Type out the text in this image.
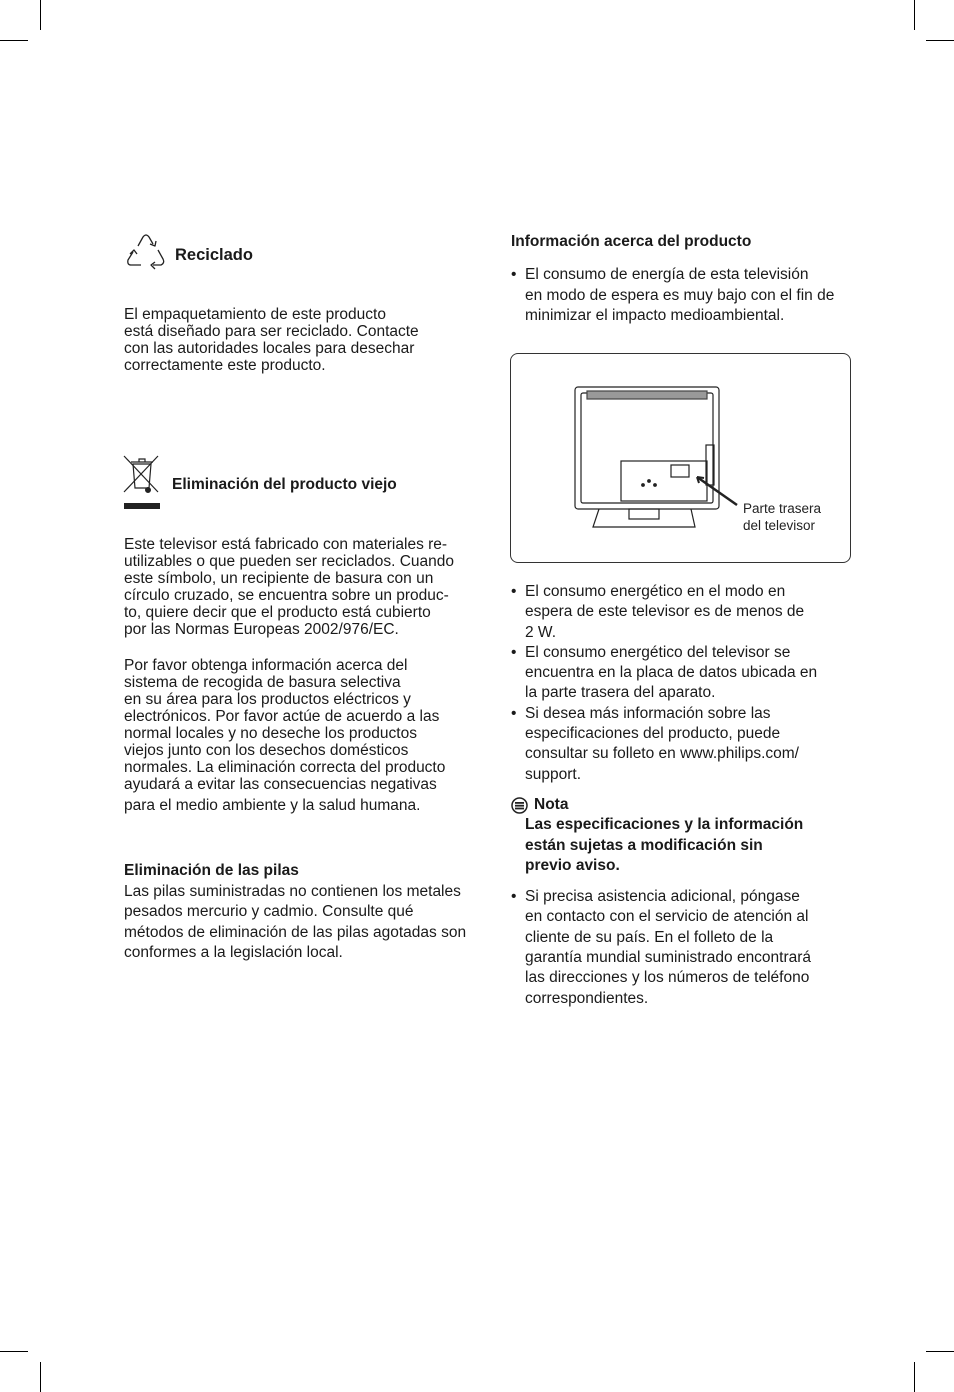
Reciclado
El empaquetamiento de este producto
está diseñado para ser reciclado. Contacte
con las autoridades locales para desechar
correctamente este producto.
Eliminación del producto viejo
Este televisor está fabricado con materiales re-
utilizables o que pueden ser reciclados. Cuando
este símbolo, un recipiente de basura con un
círculo cruzado, se encuentra sobre un produc-
to, quiere decir que el producto está cubierto
por las Normas Europeas 2002/976/EC.
Por favor obtenga información acerca del
sistema de recogida de basura selectiva
en su área para los productos eléctricos y
electrónicos. Por favor actúe de acuerdo a las
normal locales y no deseche los productos
viejos junto con los desechos domésticos
normales. La eliminación correcta del producto
ayudará a evitar las consecuencias negativas
para el medio ambiente y la salud humana.
Eliminación de las pilas
Las pilas suministradas no contienen los metales
pesados mercurio y cadmio. Consulte qué
métodos de eliminación de las pilas agotadas son
conformes a la legislación local.
Información acerca del producto
• El consumo de energía de esta televisión
en modo de espera es muy bajo con el fin de
minimizar el impacto medioambiental.
Parte trasera
del televisor
• El consumo energético en el modo en
espera de este televisor es de menos de
2 W.
• El consumo energético del televisor se
encuentra en la placa de datos ubicada en
la parte trasera del aparato.
• Si desea más información sobre las
especificaciones del producto, puede
consultar su folleto en www.philips.com/
support.
Nota
Las especificaciones y la información
están sujetas a modificación sin
previo aviso.
• Si precisa asistencia adicional, póngase
en contacto con el servicio de atención al
cliente de su país. En el folleto de la
garantía mundial suministrado encontrará
las direcciones y los números de teléfono
correspondientes.
